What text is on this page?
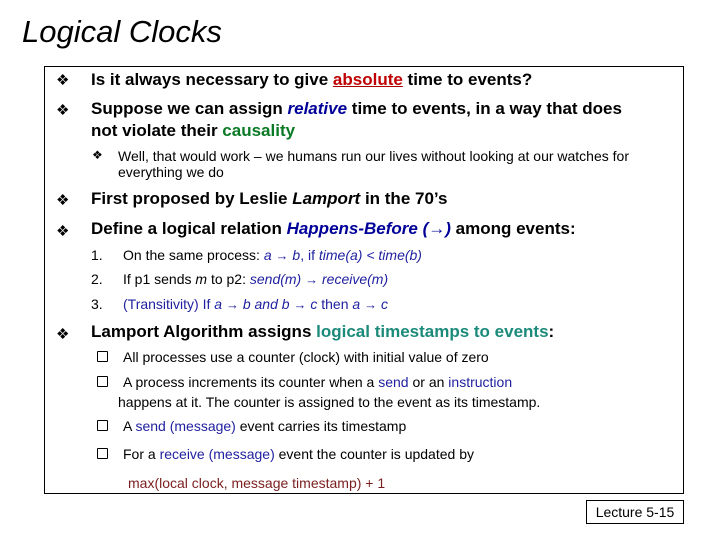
Logical Clocks
❖ Is it always necessary to give absolute time to events?
❖ Suppose we can assign relative time to events, in a way that does
not violate their causality
❖ Well, that would work – we humans run our lives without looking at our watches for
everything we do
❖ First proposed by Leslie Lamport in the 70’s
❖ Define a logical relation Happens-Before (→) among events:
1. On the same process: a → b, if time(a) < time(b)
2. If p1 sends m to p2: send(m) → receive(m)
3. (Transitivity) If a → b and b → c then a → c
❖ Lamport Algorithm assigns logical timestamps to events:
All processes use a counter (clock) with initial value of zero
A process increments its counter when a send or an instruction
happens at it. The counter is assigned to the event as its timestamp.
A send (message) event carries its timestamp
For a receive (message) event the counter is updated by
max(local clock, message timestamp) + 1
Lecture 5-15
